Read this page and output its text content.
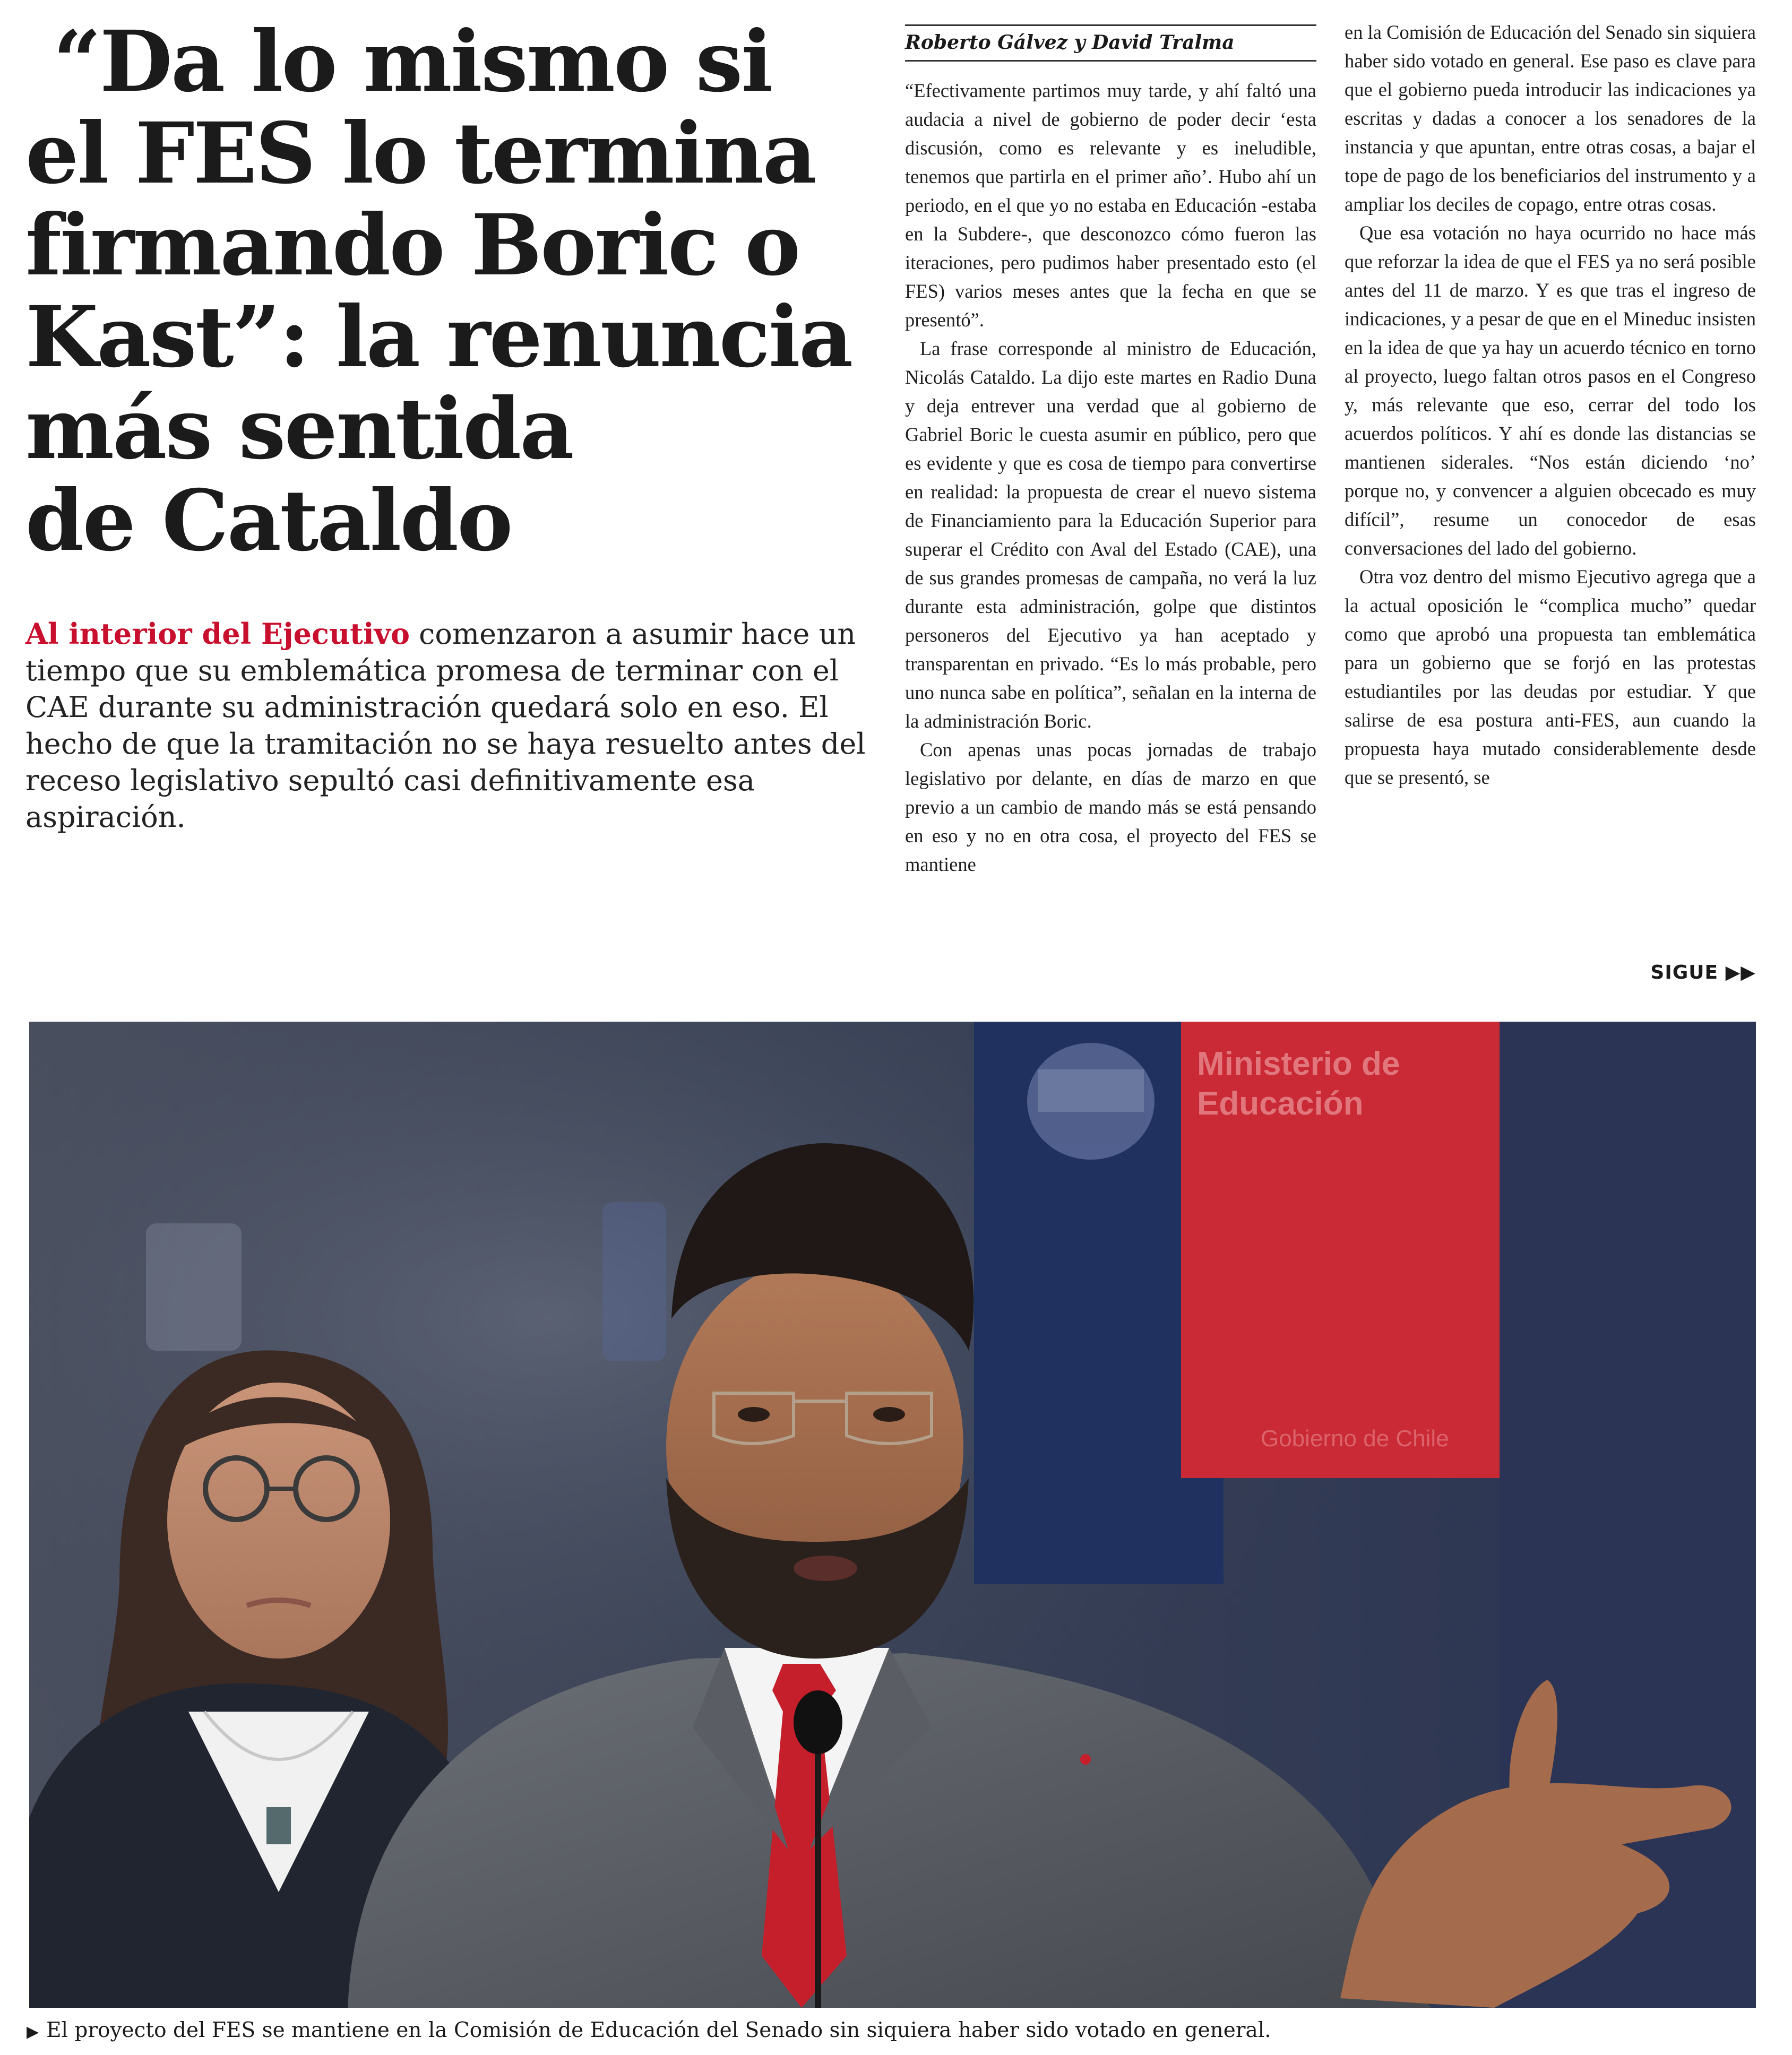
“Da lo mismo si
el FES lo termina
firmando Boric o
Kast”: la renuncia
más sentida
de Cataldo

Al interior del Ejecutivo comenzaron a asumir hace un tiempo que su emblemática promesa de terminar con el CAE durante su administración quedará solo en eso. El hecho de que la tramitación no se haya resuelto antes del receso legislativo sepultó casi definitivamente esa aspiración.

Roberto Gálvez y David Tralma

“Efectivamente partimos muy tarde, y ahí faltó una audacia a nivel de gobierno de poder decir ‘esta discusión, como es relevante y es ineludible, tenemos que partirla en el primer año’. Hubo ahí un periodo, en el que yo no estaba en Educación -estaba en la Subdere-, que desconozco cómo fueron las iteraciones, pero pudimos haber presentado esto (el FES) varios meses antes que la fecha en que se presentó”.

La frase corresponde al ministro de Educación, Nicolás Cataldo. La dijo este martes en Radio Duna y deja entrever una verdad que al gobierno de Gabriel Boric le cuesta asumir en público, pero que es evidente y que es cosa de tiempo para convertirse en realidad: la propuesta de crear el nuevo sistema de Financiamiento para la Educación Superior para superar el Crédito con Aval del Estado (CAE), una de sus grandes promesas de campaña, no verá la luz durante esta administración, golpe que distintos personeros del Ejecutivo ya han aceptado y transparentan en privado. “Es lo más probable, pero uno nunca sabe en política”, señalan en la interna de la administración Boric.

Con apenas unas pocas jornadas de trabajo legislativo por delante, en días de marzo en que previo a un cambio de mando más se está pensando en eso y no en otra cosa, el proyecto del FES se mantiene

en la Comisión de Educación del Senado sin siquiera haber sido votado en general. Ese paso es clave para que el gobierno pueda introducir las indicaciones ya escritas y dadas a conocer a los senadores de la instancia y que apuntan, entre otras cosas, a bajar el tope de pago de los beneficiarios del instrumento y a ampliar los deciles de copago, entre otras cosas.

Que esa votación no haya ocurrido no hace más que reforzar la idea de que el FES ya no será posible antes del 11 de marzo. Y es que tras el ingreso de indicaciones, y a pesar de que en el Mineduc insisten en la idea de que ya hay un acuerdo técnico en torno al proyecto, luego faltan otros pasos en el Congreso y, más relevante que eso, cerrar del todo los acuerdos políticos. Y ahí es donde las distancias se mantienen siderales. “Nos están diciendo ‘no’ porque no, y convencer a alguien obcecado es muy difícil”, resume un conocedor de esas conversaciones del lado del gobierno.

Otra voz dentro del mismo Ejecutivo agrega que a la actual oposición le “complica mucho” quedar como que aprobó una propuesta tan emblemática para un gobierno que se forjó en las protestas estudiantiles por las deudas por estudiar. Y que salirse de esa postura anti-FES, aun cuando la propuesta haya mutado considerablemente desde que se presentó, se

SIGUE ▶▶
Ministerio de
Educación
Gobierno de Chile
▶ El proyecto del FES se mantiene en la Comisión de Educación del Senado sin siquiera haber sido votado en general.
